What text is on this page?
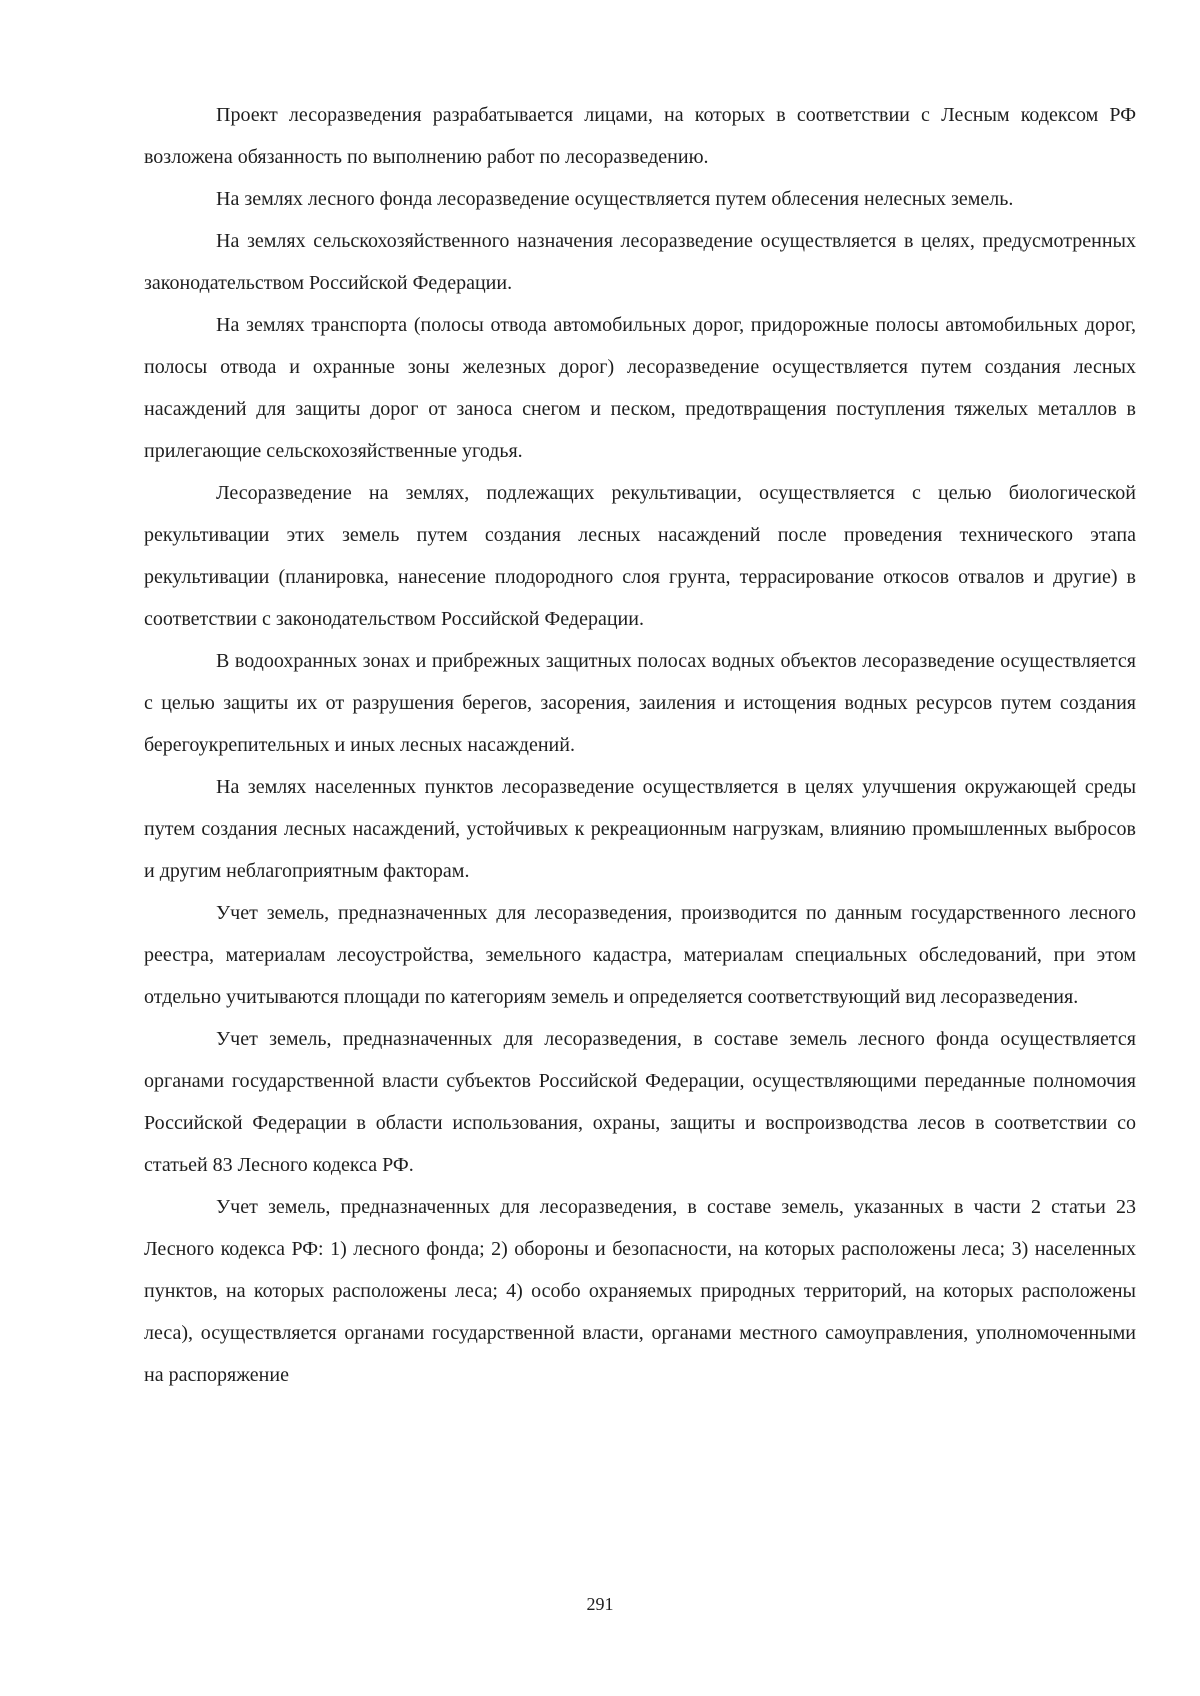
Проект лесоразведения разрабатывается лицами, на которых в соответствии с Лесным кодексом РФ возложена обязанность по выполнению работ по лесоразведению.

На землях лесного фонда лесоразведение осуществляется путем облесения нелесных земель.

На землях сельскохозяйственного назначения лесоразведение осуществляется в целях, предусмотренных законодательством Российской Федерации.

На землях транспорта (полосы отвода автомобильных дорог, придорожные полосы автомобильных дорог, полосы отвода и охранные зоны железных дорог) лесоразведение осуществляется путем создания лесных насаждений для защиты дорог от заноса снегом и песком, предотвращения поступления тяжелых металлов в прилегающие сельскохозяйственные угодья.

Лесоразведение на землях, подлежащих рекультивации, осуществляется с целью биологической рекультивации этих земель путем создания лесных насаждений после проведения технического этапа рекультивации (планировка, нанесение плодородного слоя грунта, террасирование откосов отвалов и другие) в соответствии с законодательством Российской Федерации.

В водоохранных зонах и прибрежных защитных полосах водных объектов лесоразведение осуществляется с целью защиты их от разрушения берегов, засорения, заиления и истощения водных ресурсов путем создания берегоукрепительных и иных лесных насаждений.

На землях населенных пунктов лесоразведение осуществляется в целях улучшения окружающей среды путем создания лесных насаждений, устойчивых к рекреационным нагрузкам, влиянию промышленных выбросов и другим неблагоприятным факторам.

Учет земель, предназначенных для лесоразведения, производится по данным государственного лесного реестра, материалам лесоустройства, земельного кадастра, материалам специальных обследований, при этом отдельно учитываются площади по категориям земель и определяется соответствующий вид лесоразведения.

Учет земель, предназначенных для лесоразведения, в составе земель лесного фонда осуществляется органами государственной власти субъектов Российской Федерации, осуществляющими переданные полномочия Российской Федерации в области использования, охраны, защиты и воспроизводства лесов в соответствии со статьей 83 Лесного кодекса РФ.

Учет земель, предназначенных для лесоразведения, в составе земель, указанных в части 2 статьи 23 Лесного кодекса РФ: 1) лесного фонда; 2) обороны и безопасности, на которых расположены леса; 3) населенных пунктов, на которых расположены леса; 4) особо охраняемых природных территорий, на которых расположены леса), осуществляется органами государственной власти, органами местного самоуправления, уполномоченными на распоряжение

291
